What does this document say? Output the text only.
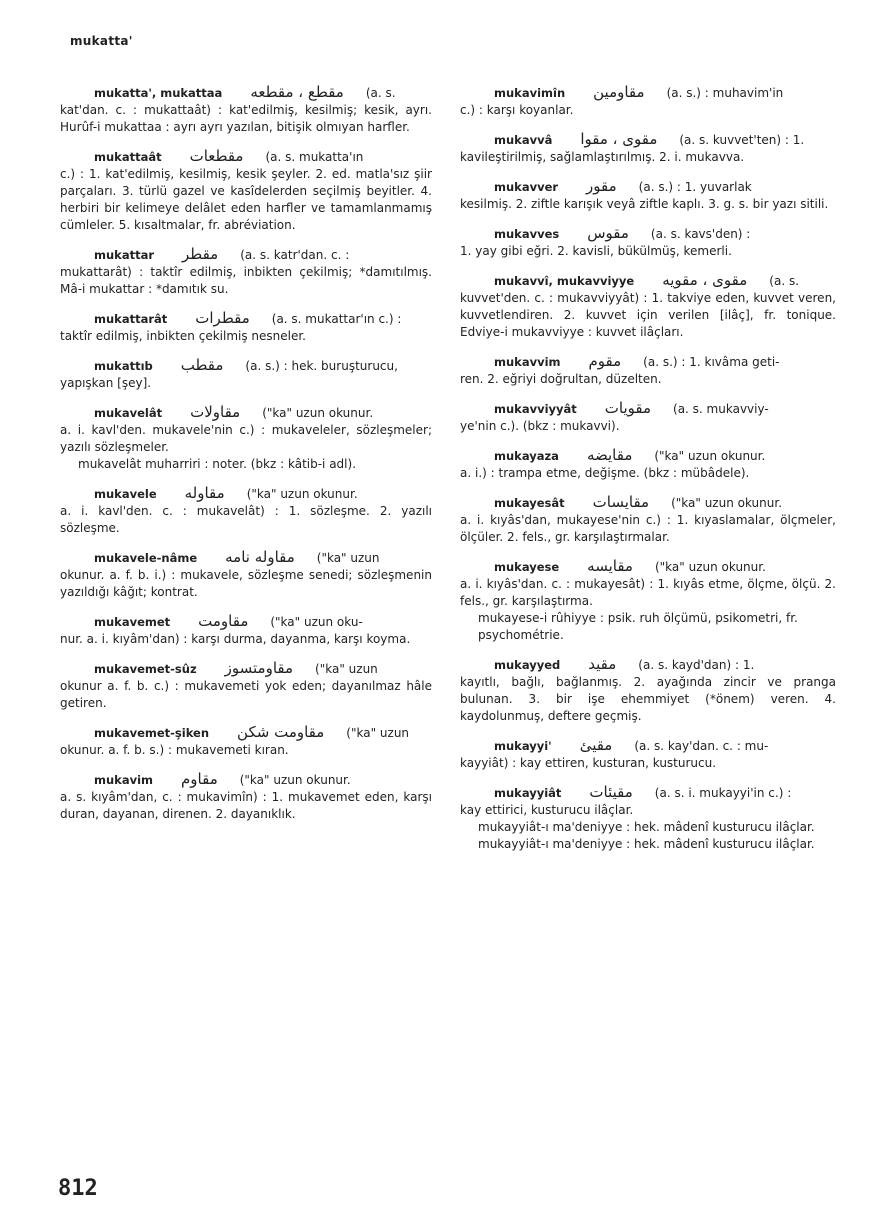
mukatta'
mukatta', mukattaa مقطع ، مقطعه (a. s.
kat'dan. c. : mukattaât) : kat'edilmiş, kesilmiş; kesik, ayrı. Hurûf-i mukattaa : ayrı ayrı yazılan, bitişik olmıyan harfler.
mukattaât مقطعات (a. s. mukatta'ın
c.) : 1. kat'edilmiş, kesilmiş, kesik şeyler. 2. ed. matla'sız şiir parçaları. 3. türlü gazel ve kasîdelerden seçilmiş beyitler. 4. herbiri bir kelimeye delâlet eden harfler ve tamamlanmamış cümleler. 5. kısaltmalar, fr. abréviation.
mukattar مقطر (a. s. katr'dan. c. :
mukattarât) : taktîr edilmiş, inbikten çekilmiş; *damıtılmış. Mâ-i mukattar : *damıtık su.
mukattarât مقطرات (a. s. mukattar'ın c.) :
taktîr edilmiş, inbikten çekilmiş nesneler.
mukattıb مقطب (a. s.) : hek. buruşturucu,
yapışkan [şey].
mukavelât مقاولات ("ka" uzun okunur.
a. i. kavl'den. mukavele'nin c.) : mukaveleler, sözleşmeler; yazılı sözleşmeler.
mukavelât muharriri : noter. (bkz : kâtib-i adl).
mukavele مقاوله ("ka" uzun okunur.
a. i. kavl'den. c. : mukavelât) : 1. sözleşme. 2. yazılı sözleşme.
mukavele-nâme مقاوله نامه ("ka" uzun
okunur. a. f. b. i.) : mukavele, sözleşme senedi; sözleşmenin yazıldığı kâğıt; kontrat.
mukavemet مقاومت ("ka" uzun oku-
nur. a. i. kıyâm'dan) : karşı durma, dayanma, karşı koyma.
mukavemet-sûz مقاومتسوز ("ka" uzun
okunur a. f. b. c.) : mukavemeti yok eden; dayanılmaz hâle getiren.
mukavemet-şiken مقاومت شكن ("ka" uzun
okunur. a. f. b. s.) : mukavemeti kıran.
mukavim مقاوم ("ka" uzun okunur.
a. s. kıyâm'dan, c. : mukavimîn) : 1. mukavemet eden, karşı duran, dayanan, direnen. 2. dayanıklık.
mukavimîn مقاومين (a. s.) : muhavim'in
c.) : karşı koyanlar.
mukavvâ مقوى ، مقوا (a. s. kuvvet'ten) : 1.
kavileştirilmiş, sağlamlaştırılmış. 2. i. mukavva.
mukavver مقور (a. s.) : 1. yuvarlak
kesilmiş. 2. ziftle karışık veyâ ziftle kaplı. 3. g. s. bir yazı sitili.
mukavves مقوس (a. s. kavs'den) :
1. yay gibi eğri. 2. kavisli, bükülmüş, kemerli.
mukavvî, mukavviyye مقوى ، مقويه (a. s.
kuvvet'den. c. : mukavviyyât) : 1. takviye eden, kuvvet veren, kuvvetlendiren. 2. kuvvet için verilen [ilâç], fr. tonique. Edviye-i mukavviyye : kuvvet ilâçları.
mukavvim مقوم (a. s.) : 1. kıvâma geti-
ren. 2. eğriyi doğrultan, düzelten.
mukavviyyât مقويات (a. s. mukavviy-
ye'nin c.). (bkz : mukavvi).
mukayaza مقايضه ("ka" uzun okunur.
a. i.) : trampa etme, değişme. (bkz : mübâdele).
mukayesât مقايسات ("ka" uzun okunur.
a. i. kıyâs'dan, mukayese'nin c.) : 1. kıyaslamalar, ölçmeler, ölçüler. 2. fels., gr. karşılaştırmalar.
mukayese مقايسه ("ka" uzun okunur.
a. i. kıyâs'dan. c. : mukayesât) : 1. kıyâs etme, ölçme, ölçü. 2. fels., gr. karşılaştırma.
mukayese-i rûhiyye : psik. ruh ölçümü, psikometri, fr. psychométrie.
mukayyed مقيد (a. s. kayd'dan) : 1.
kayıtlı, bağlı, bağlanmış. 2. ayağında zincir ve pranga bulunan. 3. bir işe ehemmiyet (*önem) veren. 4. kaydolunmuş, deftere geçmiş.
mukayyi' مقيئ (a. s. kay'dan. c. : mu-
kayyiât) : kay ettiren, kusturan, kusturucu.
mukayyiât مقيئات (a. s. i. mukayyi'in c.) :
kay ettirici, kusturucu ilâçlar.
mukayyiât-ı ma'deniyye : hek. mâdenî kusturucu ilâçlar.
mukayyiât-ı ma'deniyye : hek. mâdenî kusturucu ilâçlar.
812
